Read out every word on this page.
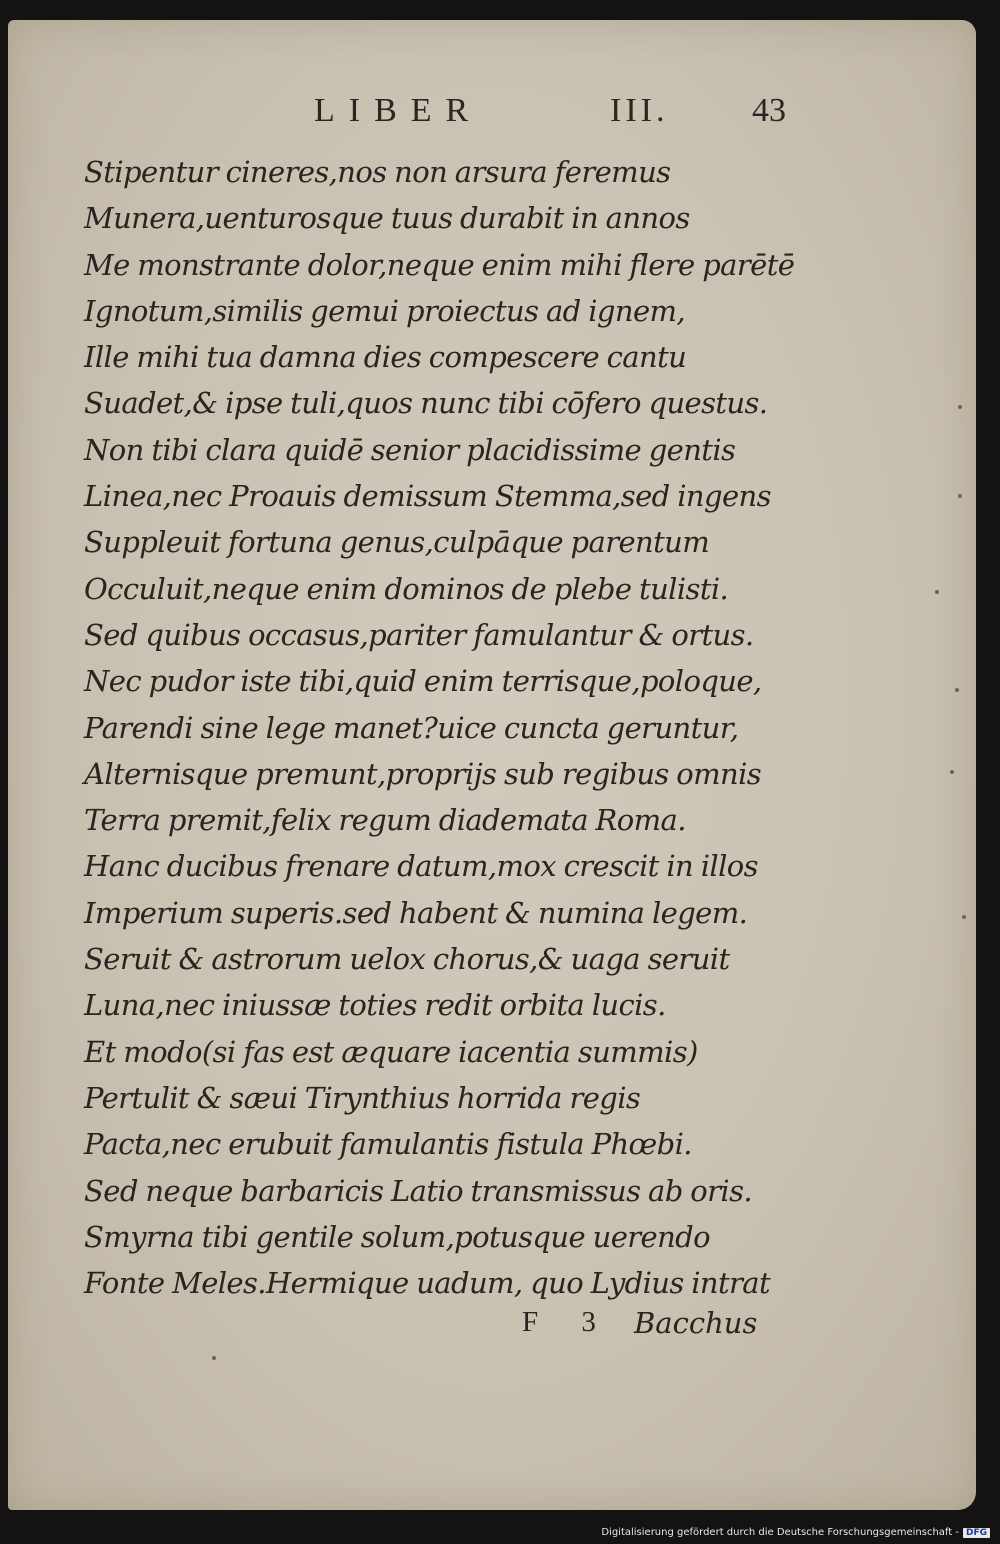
LIBER	III. 43
Stipentur cineres,nos non arsura feremus
Munera,uenturosque tuus durabit in annos
Me monstrante dolor,neque enim mihi flere parētē
Ignotum,similis gemui proiectus ad ignem,
Ille mihi tua damna dies compescere cantu
Suadet,& ipse tuli,quos nunc tibi cōfero questus.
Non tibi clara quidē senior placidissime gentis
Linea,nec Proauis demissum Stemma,sed ingens
Suppleuit fortuna genus,culpāque parentum
Occuluit,neque enim dominos de plebe tulisti.
Sed quibus occasus,pariter famulantur & ortus.
Nec pudor iste tibi,quid enim terrisque,poloque,
Parendi sine lege manet?uice cuncta geruntur,
Alternisque premunt,proprijs sub regibus omnis
Terra premit,felix regum diademata Roma.
Hanc ducibus frenare datum,mox crescit in illos
Imperium superis.sed habent & numina legem.
Seruit & astrorum uelox chorus,& uaga seruit
Luna,nec iniussæ toties redit orbita lucis.
Et modo(si fas est æquare iacentia summis)
Pertulit & sæui Tirynthius horrida regis
Pacta,nec erubuit famulantis fistula Phœbi.
Sed neque barbaricis Latio transmissus ab oris.
Smyrna tibi gentile solum,potusque uerendo
Fonte Meles.Hermique uadum, quo Lydius intrat
F 3 Bacchus
Digitalisierung gefördert durch die Deutsche Forschungsgemeinschaft - DFG
